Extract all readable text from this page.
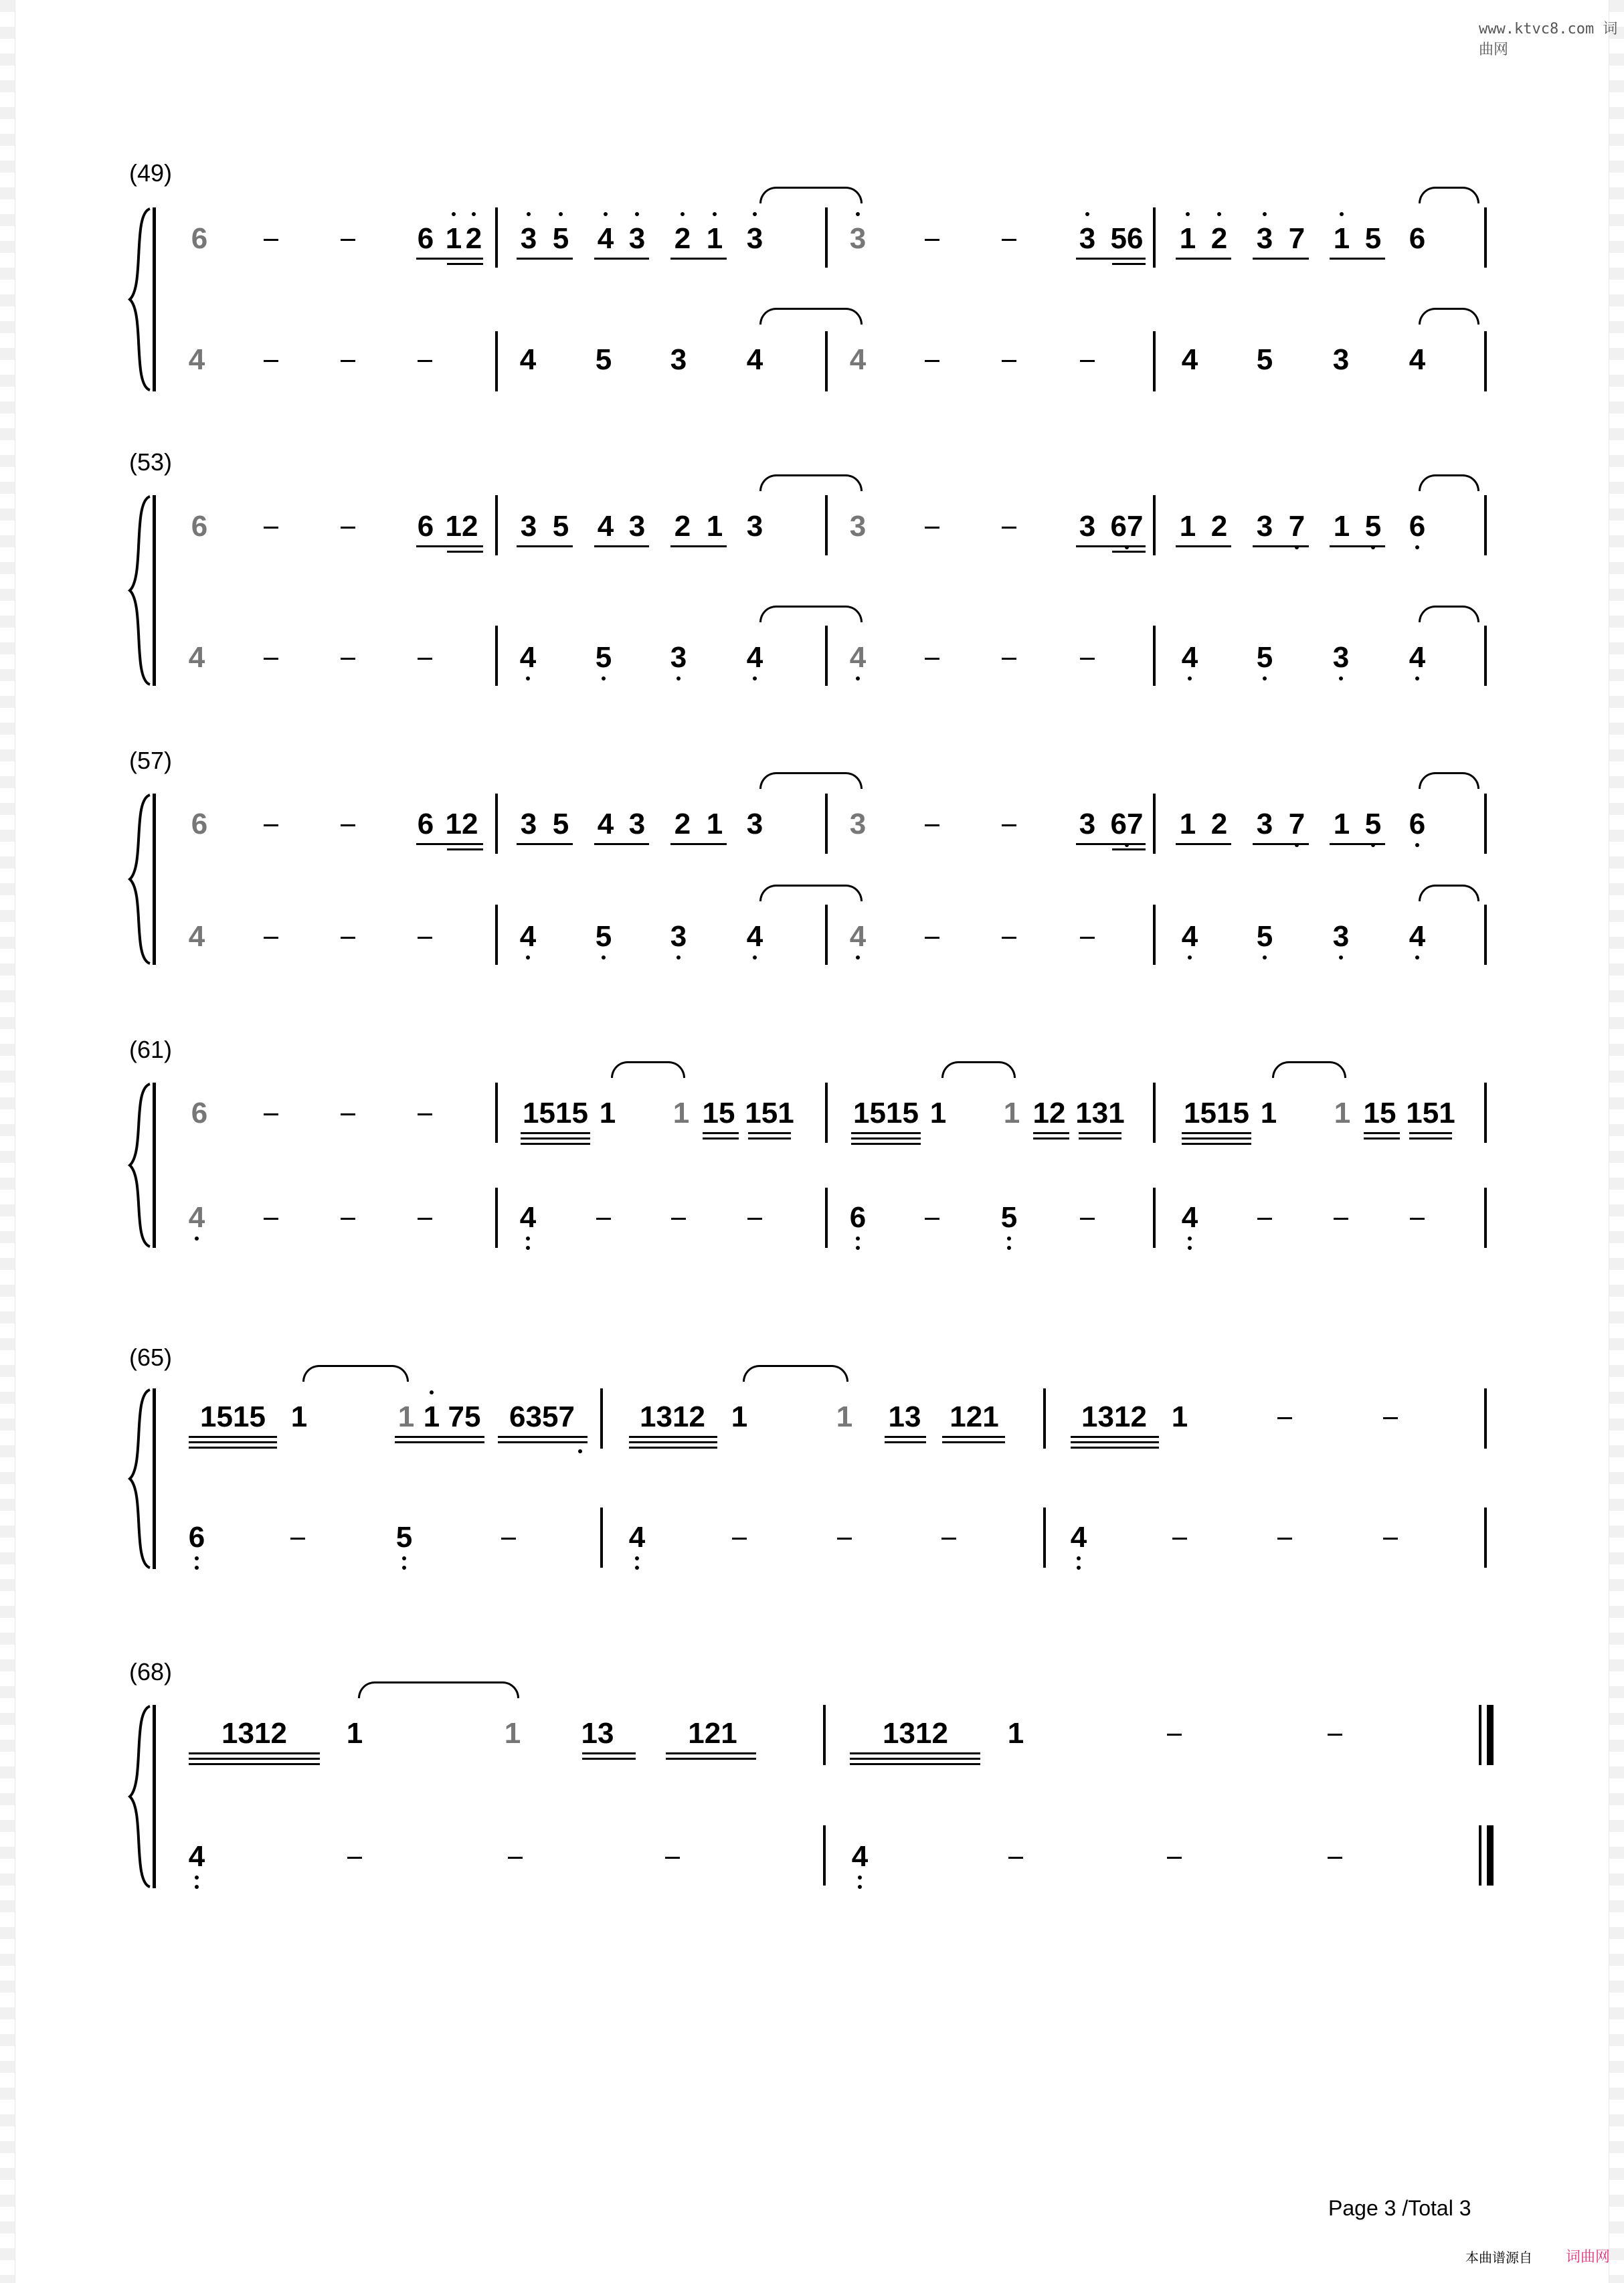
www.ktvc8.com 词曲网
(49)
6	6 1 2 3 5 4 3 2 1 3	3	3 56 1 2 3 7 1 5 6
4	4 5 3 4	4	4 5 3 4
(53)
6	6 12 3 5 4 3 2 1 3	3	3 67 1 2 3 7 1 5 6
4	4 5 3 4	4	4 5 3 4
(57)
6	6 12 3 5 4 3 2 1 3	3	3 67 1 2 3 7 1 5 6
4	4 5 3 4	4	4 5 3 4
(61)
6	1515 1 1 15 151 1515 1 1 12 131 1515 1 1 15 151
4	4	6	5	4
(65)
1515 1	1 1 75 6357 1312 1	1 13 121	1312 1
6	5	4	4
(68)
1312 1	1 13	121	1312 1
4	4
Page 3 /Total 3
本曲谱源自 词曲网
